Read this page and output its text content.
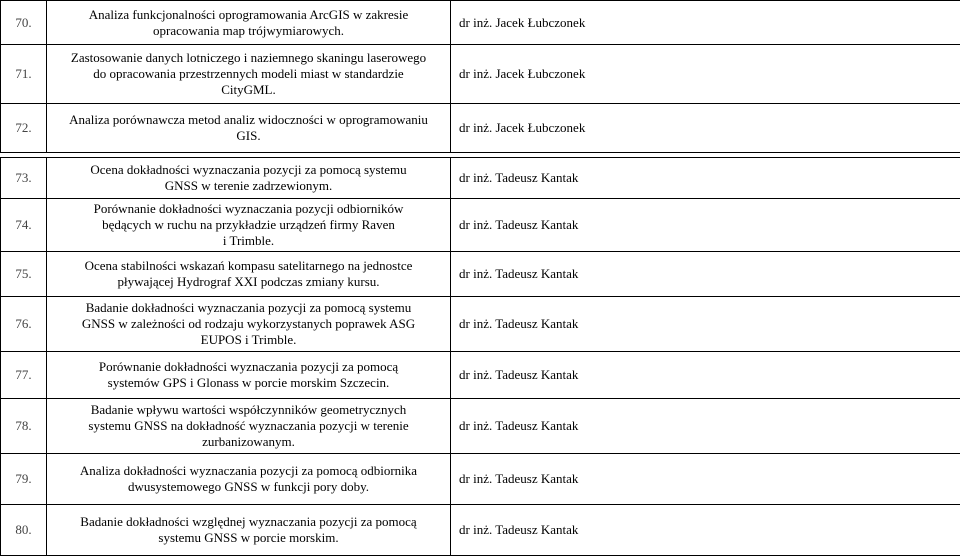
70.	Analiza funkcjonalności oprogramowania ArcGIS w zakresie
opracowania map trójwymiarowych.	dr inż. Jacek Łubczonek

71.	Zastosowanie danych lotniczego i naziemnego skaningu laserowego
do opracowania przestrzennych modeli miast w standardzie
CityGML.	dr inż. Jacek Łubczonek

72.	Analiza porównawcza metod analiz widoczności w oprogramowaniu
GIS.	dr inż. Jacek Łubczonek
73.	Ocena dokładności wyznaczania pozycji za pomocą systemu
GNSS w terenie zadrzewionym.	dr inż. Tadeusz Kantak

74.	Porównanie dokładności wyznaczania pozycji odbiorników
będących w ruchu na przykładzie urządzeń firmy Raven
i Trimble.	dr inż. Tadeusz Kantak

75.	Ocena stabilności wskazań kompasu satelitarnego na jednostce
pływającej Hydrograf XXI podczas zmiany kursu.	dr inż. Tadeusz Kantak

76.	Badanie dokładności wyznaczania pozycji za pomocą systemu
GNSS w zależności od rodzaju wykorzystanych poprawek ASG
EUPOS i Trimble.	dr inż. Tadeusz Kantak

77.	Porównanie dokładności wyznaczania pozycji za pomocą
systemów GPS i Glonass w porcie morskim Szczecin.	dr inż. Tadeusz Kantak

78.	Badanie wpływu wartości współczynników geometrycznych
systemu GNSS na dokładność wyznaczania pozycji w terenie
zurbanizowanym.	dr inż. Tadeusz Kantak

79.	Analiza dokładności wyznaczania pozycji za pomocą odbiornika
dwusystemowego GNSS w funkcji pory doby.	dr inż. Tadeusz Kantak

80.	Badanie dokładności względnej wyznaczania pozycji za pomocą
systemu GNSS w porcie morskim.	dr inż. Tadeusz Kantak
